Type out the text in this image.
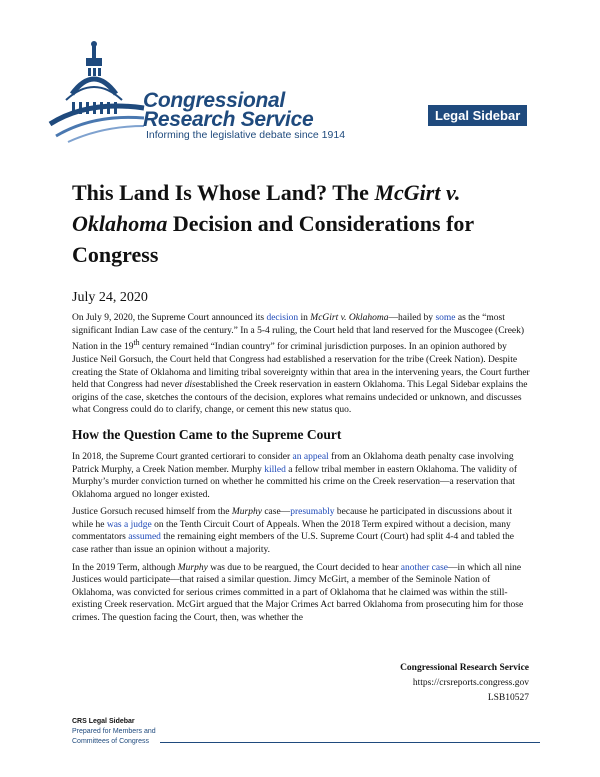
Congressional
Research Service
Informing the legislative debate since 1914
Legal Sidebar
This Land Is Whose Land? The McGirt v. Oklahoma Decision and Considerations for Congress
July 24, 2020

On July 9, 2020, the Supreme Court announced its decision in McGirt v. Oklahoma—hailed by some as the “most significant Indian Law case of the century.” In a 5-4 ruling, the Court held that land reserved for the Muscogee (Creek) Nation in the 19th century remained “Indian country” for criminal jurisdiction purposes. In an opinion authored by Justice Neil Gorsuch, the Court held that Congress had established a reservation for the tribe (Creek Nation). Despite creating the State of Oklahoma and limiting tribal sovereignty within that area in the intervening years, the Court further held that Congress had never disestablished the Creek reservation in eastern Oklahoma. This Legal Sidebar explains the origins of the case, sketches the contours of the decision, explores what remains undecided or unknown, and discusses what Congress could do to clarify, change, or cement this new status quo.

How the Question Came to the Supreme Court

In 2018, the Supreme Court granted certiorari to consider an appeal from an Oklahoma death penalty case involving Patrick Murphy, a Creek Nation member. Murphy killed a fellow tribal member in eastern Oklahoma. The validity of Murphy’s murder conviction turned on whether he committed his crime on the Creek reservation—a reservation that Oklahoma argued no longer existed.

Justice Gorsuch recused himself from the Murphy case—presumably because he participated in discussions about it while he was a judge on the Tenth Circuit Court of Appeals. When the 2018 Term expired without a decision, many commentators assumed the remaining eight members of the U.S. Supreme Court (Court) had split 4-4 and tabled the case rather than issue an opinion without a majority.

In the 2019 Term, although Murphy was due to be reargued, the Court decided to hear another case—in which all nine Justices would participate—that raised a similar question. Jimcy McGirt, a member of the Seminole Nation of Oklahoma, was convicted for serious crimes committed in a part of Oklahoma that he claimed was within the still-existing Creek reservation. McGirt argued that the Major Crimes Act barred Oklahoma from prosecuting him for those crimes. The question facing the Court, then, was whether the

Congressional Research Service
https://crsreports.congress.gov
LSB10527
CRS Legal Sidebar
Prepared for Members and
Committees of Congress
